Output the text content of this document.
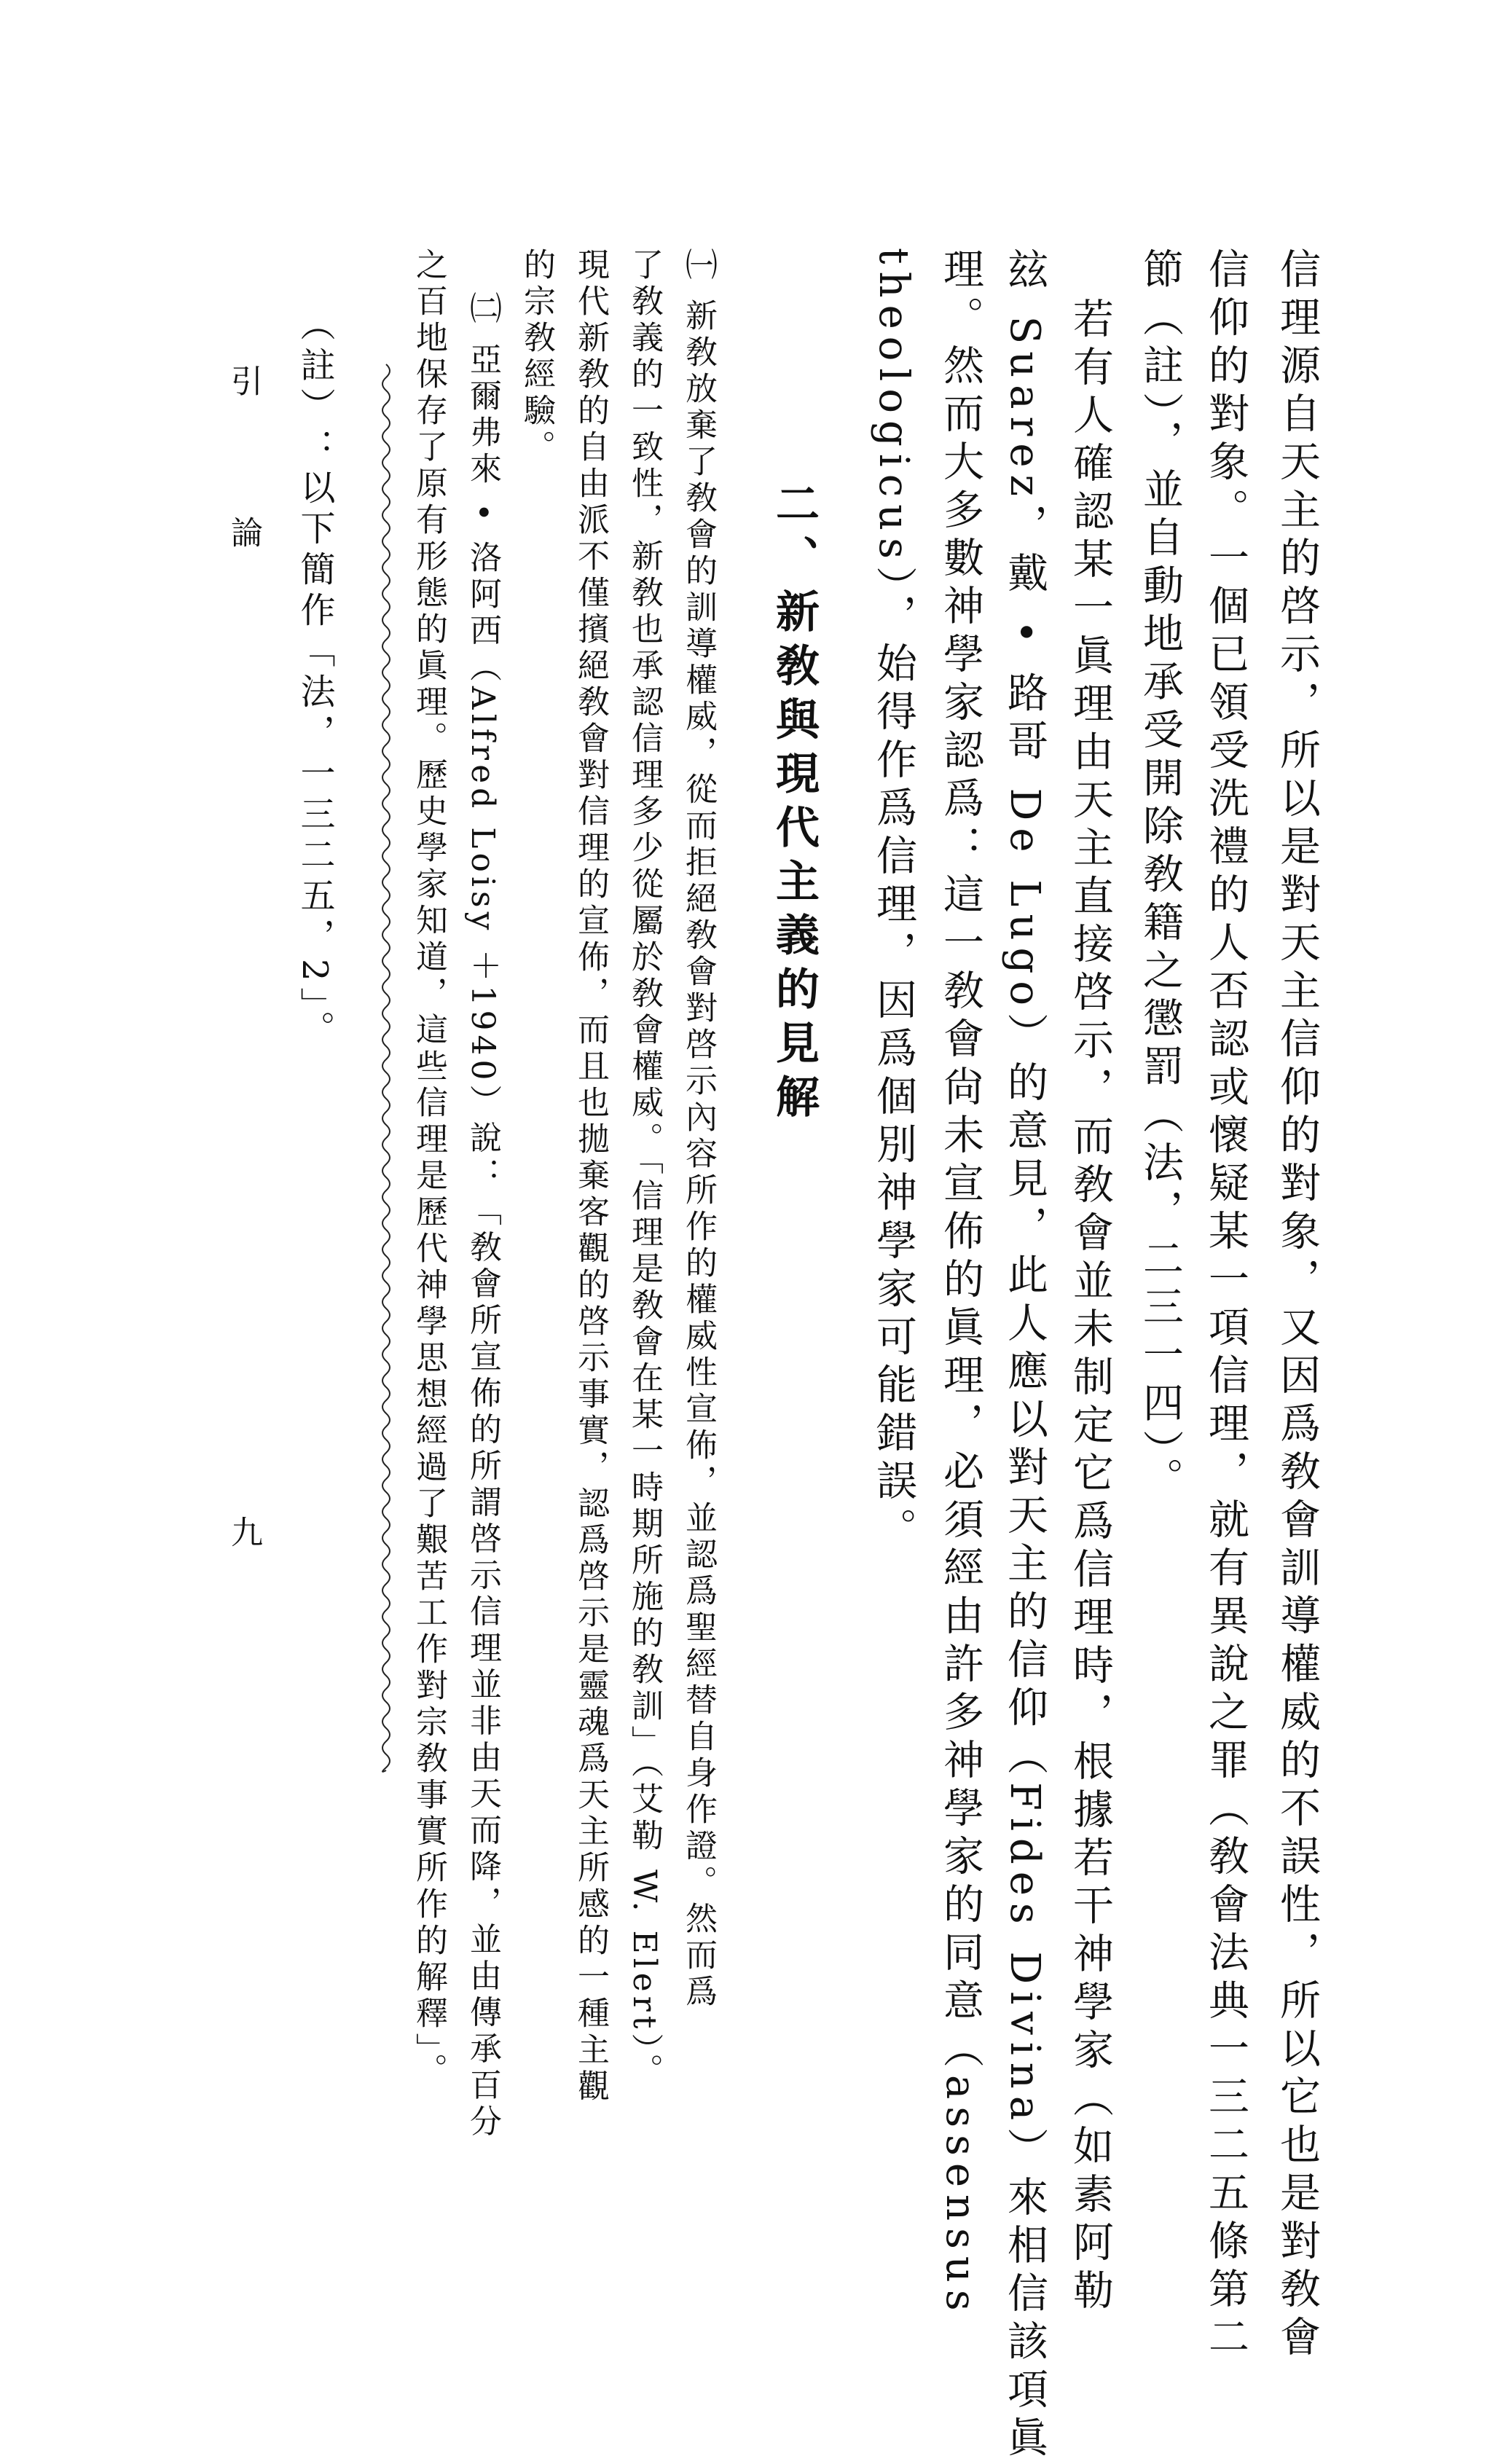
信理源自天主的啓示，所以是對天主信仰的對象，又因爲敎會訓導權威的不誤性，所以它也是對敎會
信仰的對象。一個已領受洗禮的人否認或懷疑某一項信理，就有異說之罪（敎會法典一三二五條第二
節（註），並自動地承受開除敎籍之懲罰（法，二三一四）。
若有人確認某一眞理由天主直接啓示，而敎會並未制定它爲信理時，根據若干神學家（如素阿勒
玆 Suarez，戴 • 路哥 De Lugo）的意見，此人應以對天主的信仰（Fides Divina）來相信該項眞
理。然而大多數神學家認爲：這一敎會尙未宣佈的眞理，必須經由許多神學家的同意（assensus
theologicus），始得作爲信理，因爲個別神學家可能錯誤。
二、新敎與現代主義的見解
㈠ 新敎放棄了敎會的訓導權威，從而拒絕敎會對啓示內容所作的權威性宣佈，並認爲聖經替自身作證。然而爲
了敎義的一致性，新敎也承認信理多少從屬於敎會權威。「信理是敎會在某一時期所施的敎訓」（艾勒 W. Elert）。
現代新敎的自由派不僅擯絕敎會對信理的宣佈，而且也拋棄客觀的啓示事實，認爲啓示是靈魂爲天主所感的一種主觀
的宗敎經驗。
㈡ 亞爾弗來 • 洛阿西（Alfred Loisy ＋1940）說：「敎會所宣佈的所謂啓示信理並非由天而降，並由傳承百分
之百地保存了原有形態的眞理。歷史學家知道，這些信理是歷代神學思想經過了艱苦工作對宗敎事實所作的解釋」。
（註）：以下簡作「法，一三二五，2」。
引　論
九
